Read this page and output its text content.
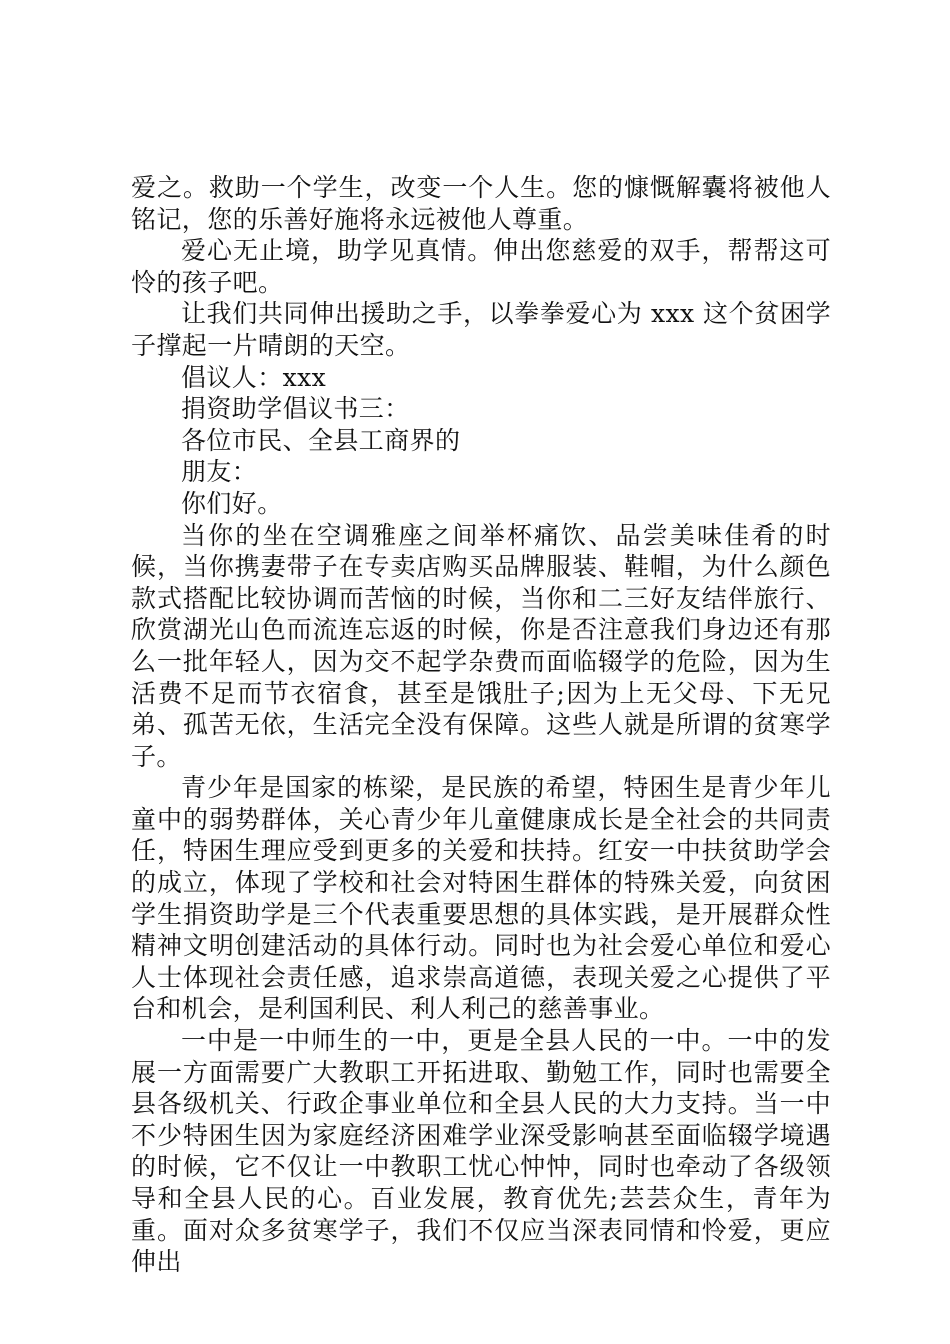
爱之。救助一个学生，改变一个人生。您的慷慨解囊将被他人铭记，您的乐善好施将永远被他人尊重。

爱心无止境，助学见真情。伸出您慈爱的双手，帮帮这可怜的孩子吧。

让我们共同伸出援助之手，以拳拳爱心为 xxx 这个贫困学子撑起一片晴朗的天空。

倡议人：xxx

捐资助学倡议书三：

各位市民、全县工商界的

朋友：

你们好。

当你的坐在空调雅座之间举杯痛饮、品尝美味佳肴的时候，当你携妻带子在专卖店购买品牌服装、鞋帽，为什么颜色款式搭配比较协调而苦恼的时候，当你和二三好友结伴旅行、欣赏湖光山色而流连忘返的时候，你是否注意我们身边还有那么一批年轻人，因为交不起学杂费而面临辍学的危险，因为生活费不足而节衣宿食，甚至是饿肚子;因为上无父母、下无兄弟、孤苦无依，生活完全没有保障。这些人就是所谓的贫寒学子。

青少年是国家的栋梁，是民族的希望，特困生是青少年儿童中的弱势群体，关心青少年儿童健康成长是全社会的共同责任，特困生理应受到更多的关爱和扶持。红安一中扶贫助学会的成立，体现了学校和社会对特困生群体的特殊关爱，向贫困学生捐资助学是三个代表重要思想的具体实践，是开展群众性精神文明创建活动的具体行动。同时也为社会爱心单位和爱心人士体现社会责任感，追求崇高道德，表现关爱之心提供了平台和机会，是利国利民、利人利己的慈善事业。

一中是一中师生的一中，更是全县人民的一中。一中的发展一方面需要广大教职工开拓进取、勤勉工作，同时也需要全县各级机关、行政企事业单位和全县人民的大力支持。当一中不少特困生因为家庭经济困难学业深受影响甚至面临辍学境遇的时候，它不仅让一中教职工忧心忡忡，同时也牵动了各级领导和全县人民的心。百业发展，教育优先;芸芸众生，青年为重。面对众多贫寒学子，我们不仅应当深表同情和怜爱，更应伸出
